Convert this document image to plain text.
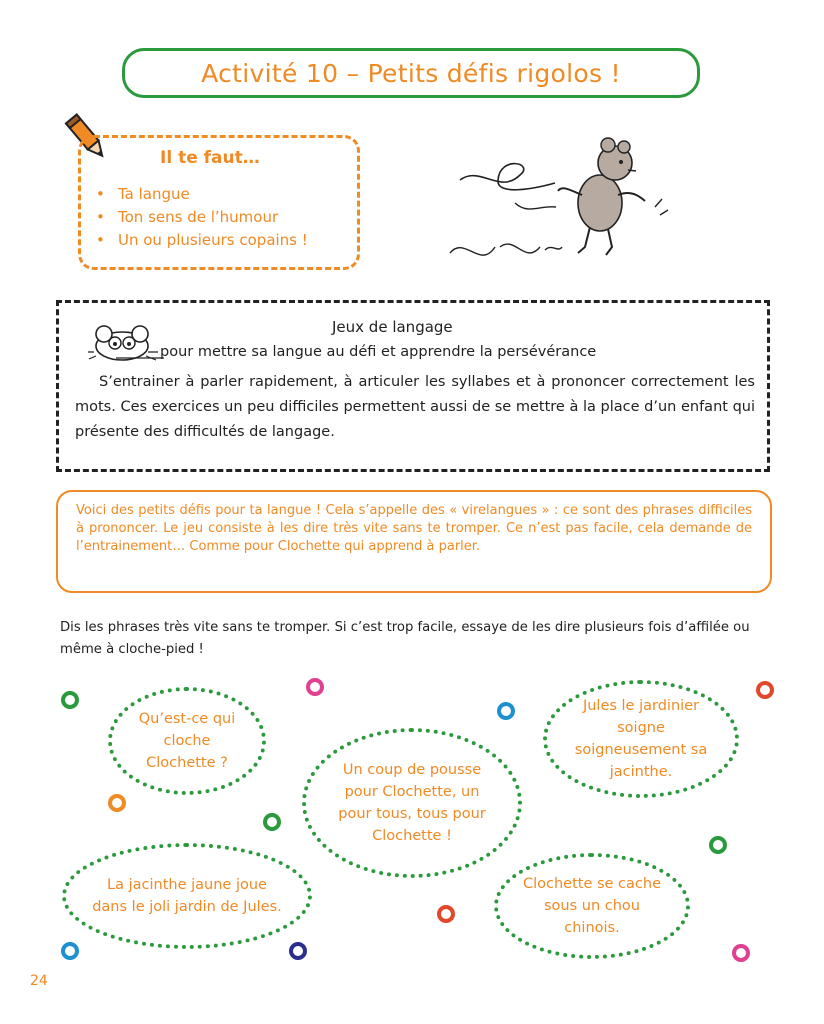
Activité 10 – Petits défis rigolos !
Il te faut…
• Ta langue
• Ton sens de l’humour
• Un ou plusieurs copains !
Jeux de langage
pour mettre sa langue au défi et apprendre la persévérance
S’entrainer à parler rapidement, à articuler les syllabes et à prononcer correctement les mots. Ces exercices un peu difficiles permettent aussi de se mettre à la place d’un enfant qui présente des difficultés de langage.
Voici des petits défis pour ta langue ! Cela s’appelle des « virelangues » : ce sont des phrases difficiles à prononcer. Le jeu consiste à les dire très vite sans te tromper. Ce n’est pas facile, cela demande de l’entrainement… Comme pour Clochette qui apprend à parler.
Dis les phrases très vite sans te tromper. Si c’est trop facile, essaye de les dire plusieurs fois d’affilée ou même à cloche-pied !
Qu’est-ce qui cloche Clochette ?	Un coup de pousse pour Clochette, un pour tous, tous pour Clochette !
Jules le jardinier soigne soigneusement sa jacinthe.
La jacinthe jaune joue dans le joli jardin de Jules.
Clochette se cache sous un chou chinois.
24
